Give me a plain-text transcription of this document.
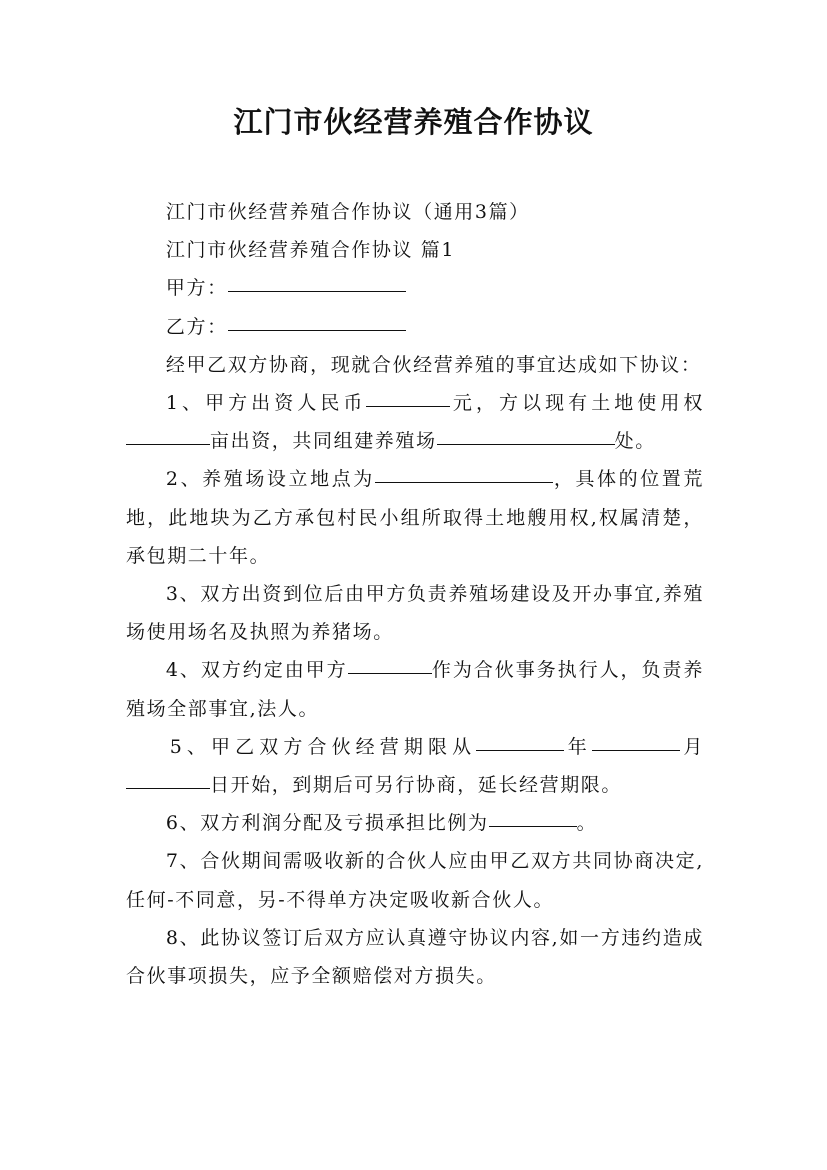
江门市伙经营养殖合作协议

江门市伙经营养殖合作协议（通用3篇）

江门市伙经营养殖合作协议 篇1

甲方：

乙方：

经甲乙双方协商，现就合伙经营养殖的事宜达成如下协议：

1、甲方出资人民币	元，方以现有土地使用权亩出资，共同组建养殖场	处。

2、养殖场设立地点为	，具体的位置荒地，此地块为乙方承包村民小组所取得土地艘用权,权属清楚，承包期二十年。

3、双方出资到位后由甲方负责养殖场建设及开办事宜,养殖场使用场名及执照为养猪场。

4、双方约定由甲方	作为合伙事务执行人，负责养殖场全部事宜,法人。

5、甲乙双方合伙经营期限从	年	月日开始，到期后可另行协商，延长经营期限。

6、双方利润分配及亏损承担比例为	。

7、合伙期间需吸收新的合伙人应由甲乙双方共同协商决定,任何-不同意，另-不得单方决定吸收新合伙人。

8、此协议签订后双方应认真遵守协议内容,如一方违约造成合伙事项损失，应予全额赔偿对方损失。
